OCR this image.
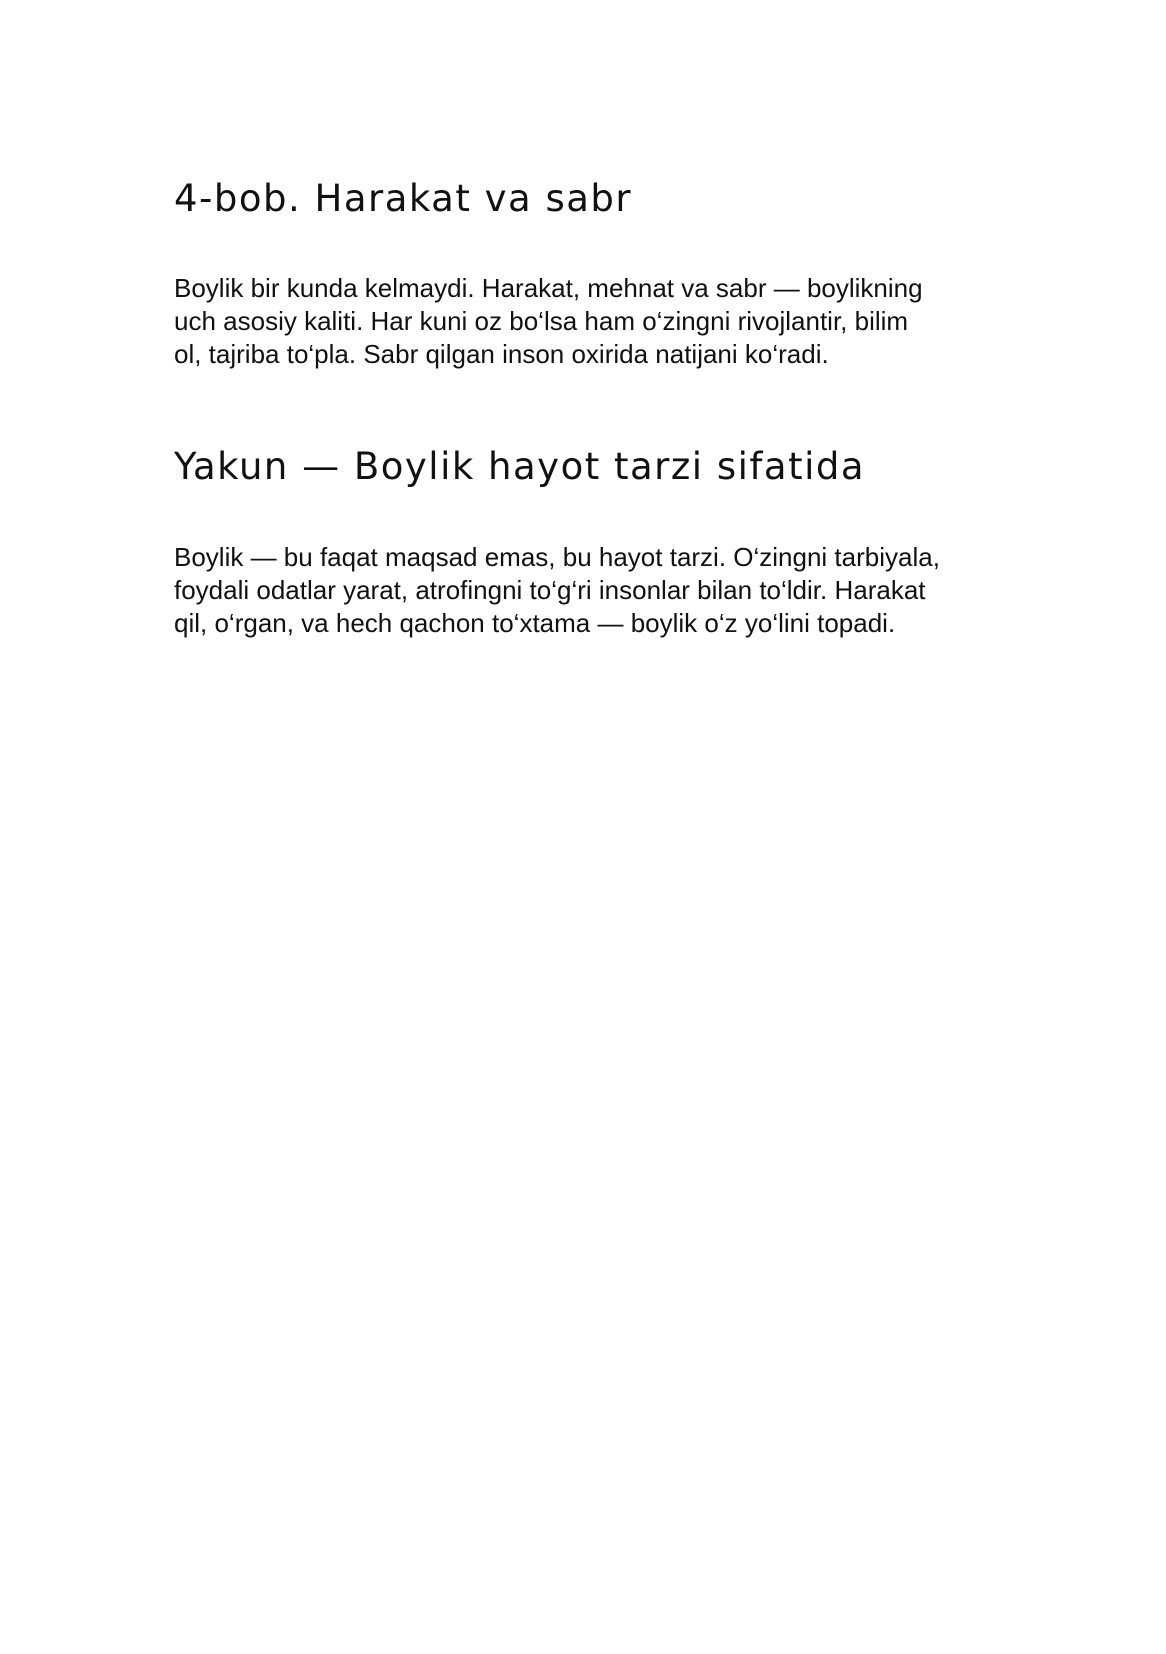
4-bob. Harakat va sabr

Boylik bir kunda kelmaydi. Harakat, mehnat va sabr — boylikning
uch asosiy kaliti. Har kuni oz bo‘lsa ham o‘zingni rivojlantir, bilim
ol, tajriba to‘pla. Sabr qilgan inson oxirida natijani ko‘radi.

Yakun — Boylik hayot tarzi sifatida

Boylik — bu faqat maqsad emas, bu hayot tarzi. O‘zingni tarbiyala,
foydali odatlar yarat, atrofingni to‘g‘ri insonlar bilan to‘ldir. Harakat
qil, o‘rgan, va hech qachon to‘xtama — boylik o‘z yo‘lini topadi.
